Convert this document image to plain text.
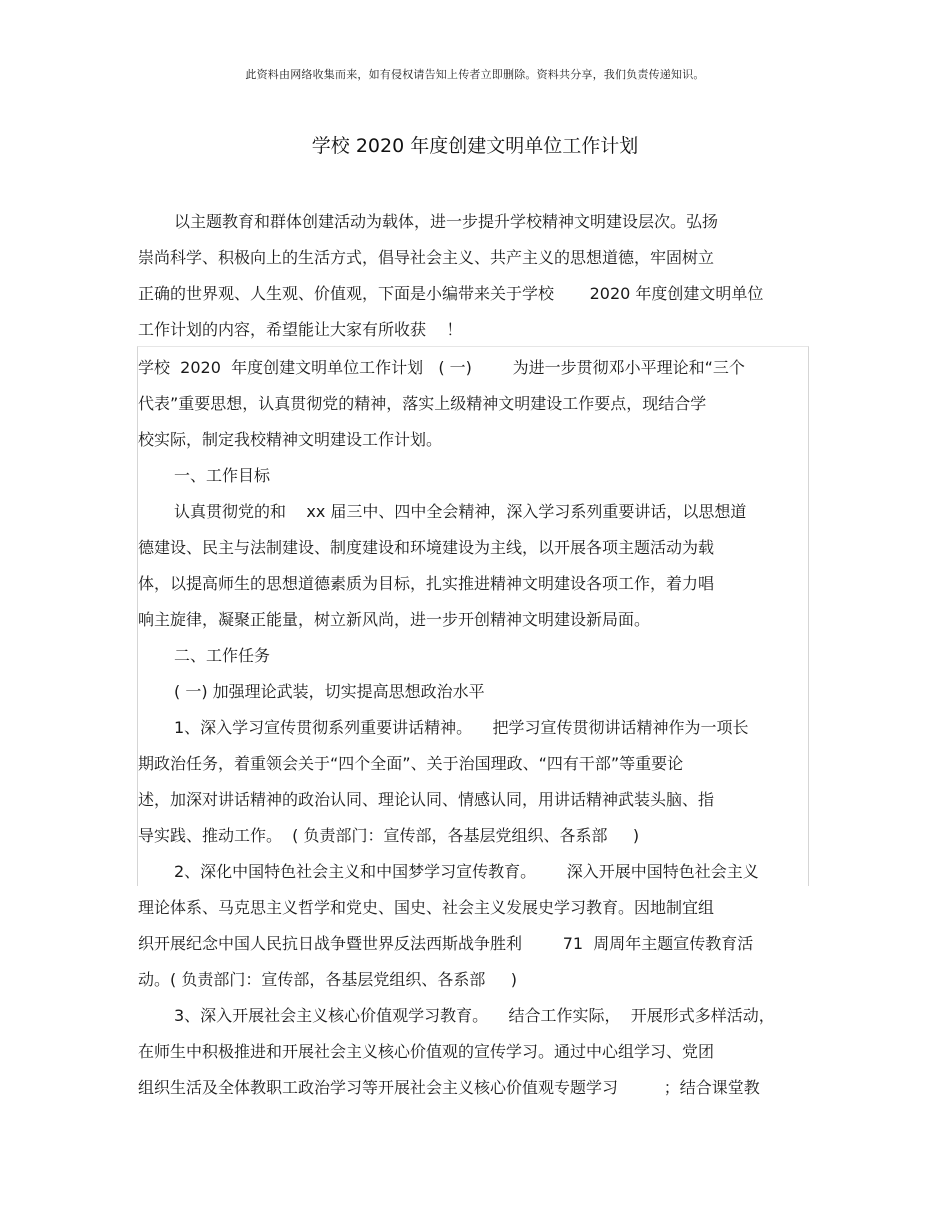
此资料由网络收集而来，如有侵权请告知上传者立即删除。资料共分享，我们负责传递知识。
学校 2020 年度创建文明单位工作计划
以主题教育和群体创建活动为载体，进一步提升学校精神文明建设层次。弘扬
崇尚科学、积极向上的生活方式，倡导社会主义、共产主义的思想道德，牢固树立
正确的世界观、人生观、价值观，下面是小编带来关于学校       2020 年度创建文明单位
工作计划的内容，希望能让大家有所收获    ！
学校  2020  年度创建文明单位工作计划   ( 一)        为进一步贯彻邓小平理论和“三个
代表”重要思想，认真贯彻党的精神，落实上级精神文明建设工作要点，现结合学
校实际，制定我校精神文明建设工作计划。
一、工作目标
认真贯彻党的和    xx 届三中、四中全会精神，深入学习系列重要讲话，以思想道
德建设、民主与法制建设、制度建设和环境建设为主线，以开展各项主题活动为载
体，以提高师生的思想道德素质为目标，扎实推进精神文明建设各项工作，着力唱
响主旋律，凝聚正能量，树立新风尚，进一步开创精神文明建设新局面。
二、工作任务
( 一) 加强理论武装，切实提高思想政治水平
1、深入学习宣传贯彻系列重要讲话精神。    把学习宣传贯彻讲话精神作为一项长
期政治任务，着重领会关于“四个全面”、关于治国理政、“四有干部”等重要论
述，加深对讲话精神的政治认同、理论认同、情感认同，用讲话精神武装头脑、指
导实践、推动工作。  ( 负责部门：宣传部，各基层党组织、各系部     )
2、深化中国特色社会主义和中国梦学习宣传教育。      深入开展中国特色社会主义
理论体系、马克思主义哲学和党史、国史、社会主义发展史学习教育。因地制宜组
织开展纪念中国人民抗日战争暨世界反法西斯战争胜利        71  周周年主题宣传教育活
动。( 负责部门：宣传部，各基层党组织、各系部     )
3、深入开展社会主义核心价值观学习教育。    结合工作实际，  开展形式多样活动，
在师生中积极推进和开展社会主义核心价值观的宣传学习。通过中心组学习、党团
组织生活及全体教职工政治学习等开展社会主义核心价值观专题学习         ；结合课堂教
